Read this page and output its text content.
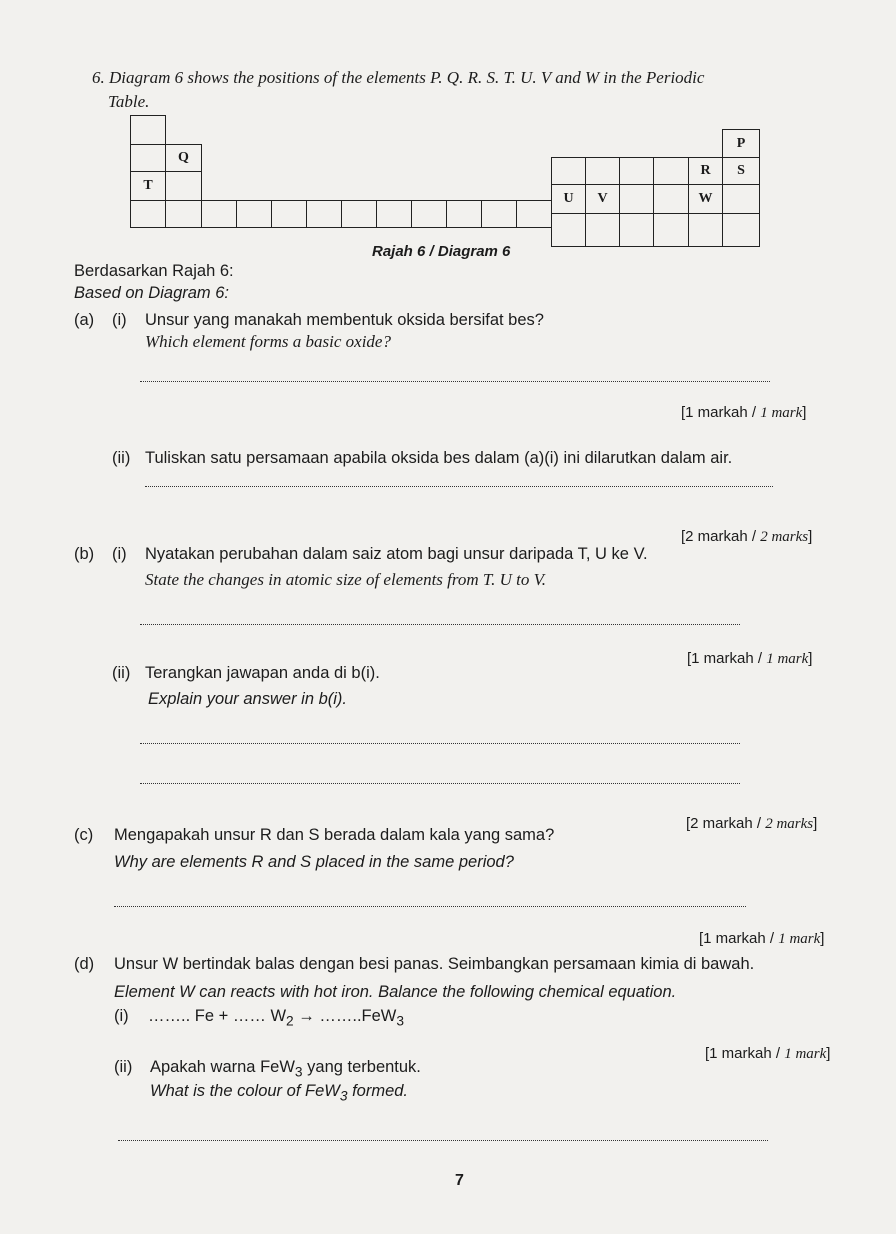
6. Diagram 6 shows the positions of the elements P. Q. R. S. T. U. V and W in the Periodic
Table.
Q
T
P
R S
U V	W
Rajah 6 / Diagram 6
Berdasarkan Rajah 6:
Based on Diagram 6:
(a) (i) Unsur yang manakah membentuk oksida bersifat bes?
Which element forms a basic oxide?
[1 markah / 1 mark]
(ii) Tuliskan satu persamaan apabila oksida bes dalam (a)(i) ini dilarutkan dalam air.
[2 markah / 2 marks]
(b) (i) Nyatakan perubahan dalam saiz atom bagi unsur daripada T, U ke V.
State the changes in atomic size of elements from T. U to V.
[1 markah / 1 mark]
(ii) Terangkan jawapan anda di b(i).
Explain your answer in b(i).
[2 markah / 2 marks]
(c) Mengapakah unsur R dan S berada dalam kala yang sama?
Why are elements R and S placed in the same period?
[1 markah / 1 mark]
(d) Unsur W bertindak balas dengan besi panas. Seimbangkan persamaan kimia di bawah.
Element W can reacts with hot iron. Balance the following chemical equation.
(i) …….. Fe + …… $W_2$ → ……..FeW$_3$
[1 markah / 1 mark]
(ii) Apakah warna FeW$_3$ yang terbentuk.
What is the colour of FeW$_3$ formed.
7
